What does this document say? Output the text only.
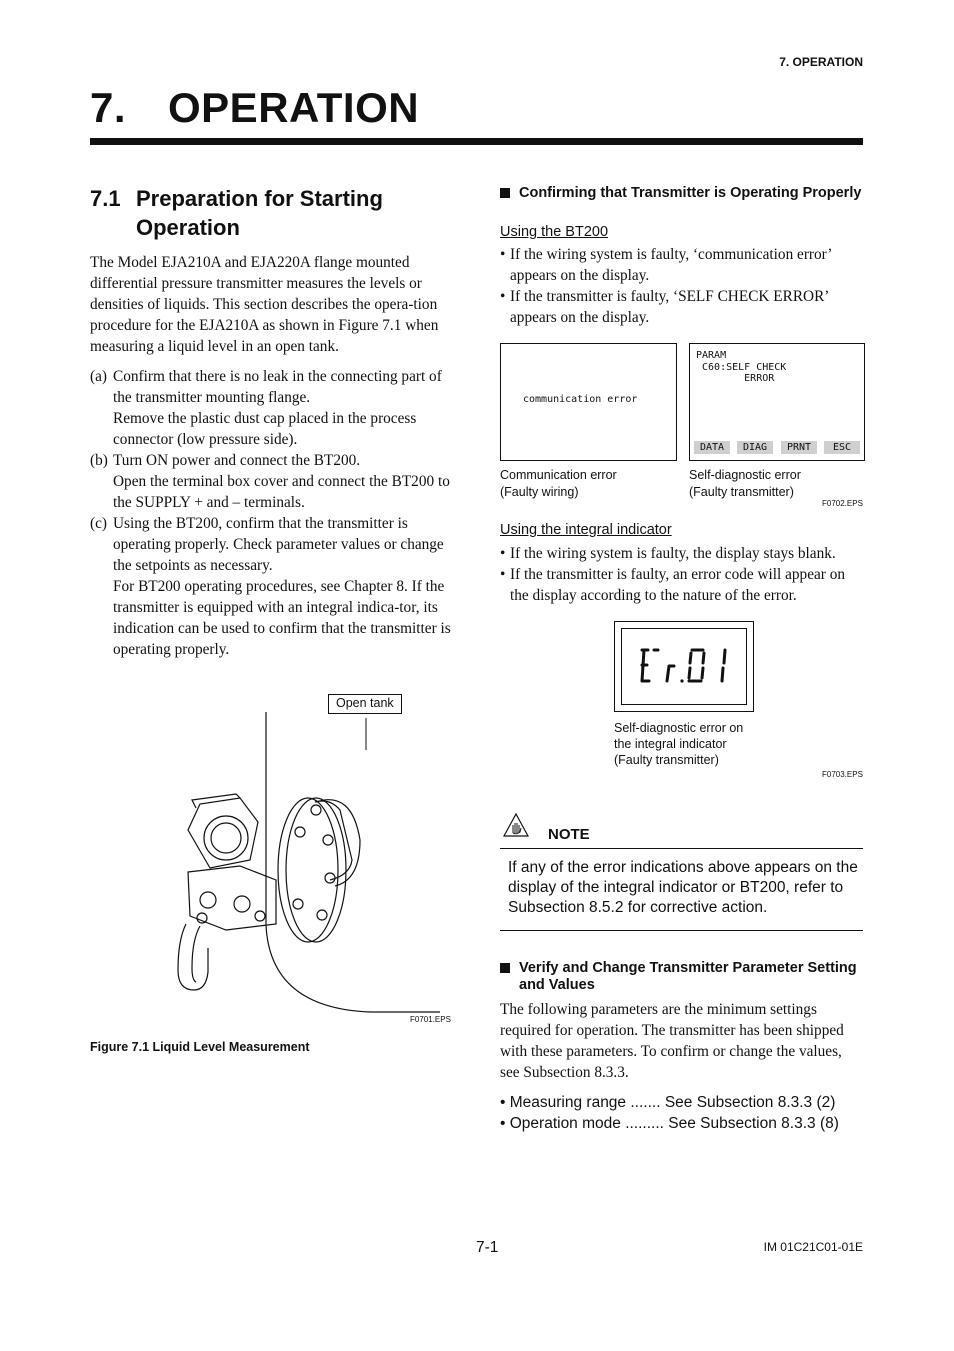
7. OPERATION
7. OPERATION
7.1 Preparation for Starting
Operation
The Model EJA210A and EJA220A flange mounted differential pressure transmitter measures the levels or densities of liquids. This section describes the opera-tion procedure for the EJA210A as shown in Figure 7.1 when measuring a liquid level in an open tank.
(a) Confirm that there is no leak in the connecting part of the transmitter mounting flange.
Remove the plastic dust cap placed in the process connector (low pressure side).
(b) Turn ON power and connect the BT200.
Open the terminal box cover and connect the BT200 to the SUPPLY + and – terminals.
(c) Using the BT200, confirm that the transmitter is operating properly. Check parameter values or change the setpoints as necessary.
For BT200 operating procedures, see Chapter 8. If the transmitter is equipped with an integral indica-tor, its indication can be used to confirm that the transmitter is operating properly.
Open tank
F0701.EPS
Figure 7.1 Liquid Level Measurement
Confirming that Transmitter is Operating Properly
Using the BT200
• If the wiring system is faulty, ‘communication error’ appears on the display.
• If the transmitter is faulty, ‘SELF CHECK ERROR’ appears on the display.
communication error
PARAM
C60:SELF CHECK
ERROR
DATA	DIAG	PRNT	ESC
Communication error
(Faulty wiring)
Self-diagnostic error
(Faulty transmitter)
F0702.EPS
Using the integral indicator
• If the wiring system is faulty, the display stays blank.
• If the transmitter is faulty, an error code will appear on the display according to the nature of the error.
Self-diagnostic error on
the integral indicator
(Faulty transmitter)
F0703.EPS
NOTE
If any of the error indications above appears on the display of the integral indicator or BT200, refer to Subsection 8.5.2 for corrective action.
Verify and Change Transmitter Parameter Setting and Values
The following parameters are the minimum settings required for operation. The transmitter has been shipped with these parameters. To confirm or change the values, see Subsection 8.3.3.
• Measuring range ....... See Subsection 8.3.3 (2)
• Operation mode ......... See Subsection 8.3.3 (8)
7-1	IM 01C21C01-01E
